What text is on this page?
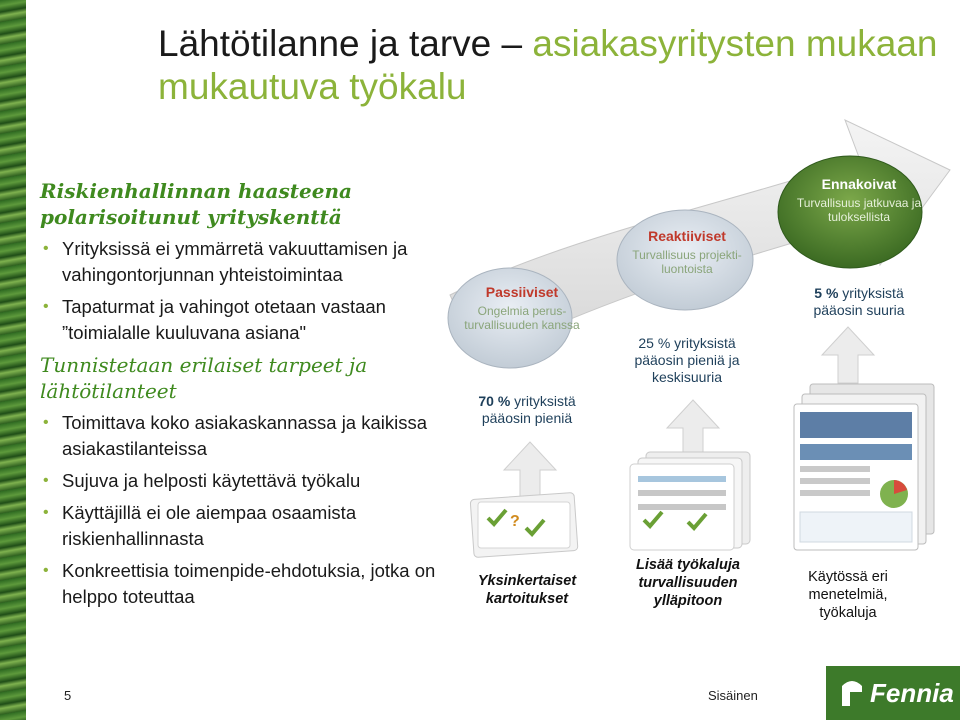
Lähtötilanne ja tarve – asiakasyritysten mukaan mukautuva työkalu

Riskienhallinnan haasteena polarisoitunut yrityskenttä

• Yrityksissä ei ymmärretä vakuuttamisen ja vahingontorjunnan yhteistoimintaa
• Tapaturmat ja vahingot otetaan vastaan ”toimialalle kuuluvana asiana"

Tunnistetaan erilaiset tarpeet ja lähtötilanteet

• Toimittava koko asiakaskannassa ja kaikissa asiakastilanteissa
• Sujuva ja helposti käytettävä työkalu
• Käyttäjillä ei ole aiempaa osaamista riskienhallinnasta
• Konkreettisia toimenpide-ehdotuksia, jotka on helppo toteuttaa
?
Passiiviset
Ongelmia perus-turvallisuuden kanssa
Reaktiiviset
Turvallisuus projekti-luontoista
Ennakoivat
Turvallisuus jatkuvaa ja tuloksellista
70 % yrityksistä pääosin pieniä
25 % yrityksistä pääosin pieniä ja keskisuuria
5 % yrityksistä pääosin suuria
Yksinkertaiset kartoitukset
Lisää työkaluja turvallisuuden ylläpitoon
Käytössä eri menetelmiä, työkaluja
5	Sisäinen	Fennia
